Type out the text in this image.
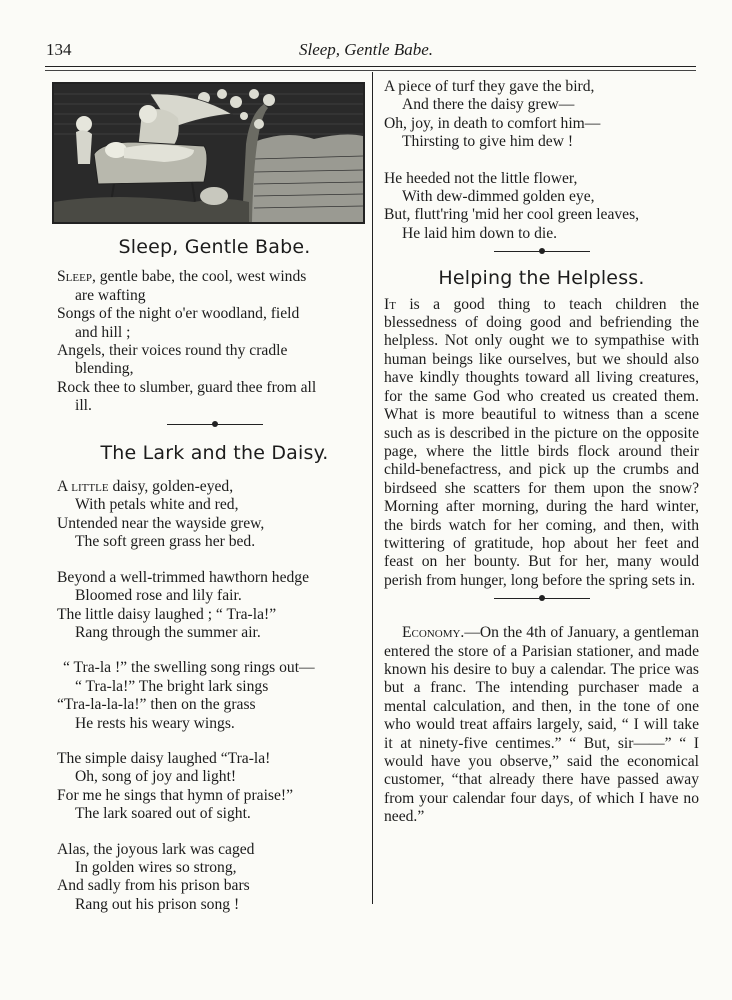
134	Sleep, Gentle Babe.
Sleep, Gentle Babe.
Sleep, gentle babe, the cool, west winds
are wafting
Songs of the night o'er woodland, field
and hill ;
Angels, their voices round thy cradle
blending,
Rock thee to slumber, guard thee from all
ill.
The Lark and the Daisy.
A little daisy, golden-eyed,
With petals white and red,
Untended near the wayside grew,
The soft green grass her bed.
Beyond a well-trimmed hawthorn hedge
Bloomed rose and lily fair.
The little daisy laughed ; “ Tra-la!”
Rang through the summer air.
“ Tra-la !” the swelling song rings out—
“ Tra-la!” The bright lark sings
“Tra-la-la-la!” then on the grass
He rests his weary wings.
The simple daisy laughed “Tra-la!
Oh, song of joy and light!
For me he sings that hymn of praise!”
The lark soared out of sight.
Alas, the joyous lark was caged
In golden wires so strong,
And sadly from his prison bars
Rang out his prison song !
A piece of turf they gave the bird,
And there the daisy grew—
Oh, joy, in death to comfort him—
Thirsting to give him dew !
He heeded not the little flower,
With dew-dimmed golden eye,
But, flutt'ring 'mid her cool green leaves,
He laid him down to die.
Helping the Helpless.

It is a good thing to teach children the blessedness of doing good and befriending the helpless. Not only ought we to sympathise with human beings like ourselves, but we should also have kindly thoughts toward all living creatures, for the same God who created us created them. What is more beautiful to witness than a scene such as is described in the picture on the opposite page, where the little birds flock around their child-benefactress, and pick up the crumbs and birdseed she scatters for them upon the snow? Morning after morning, during the hard winter, the birds watch for her coming, and then, with twittering of gratitude, hop about her feet and feast on her bounty. But for her, many would perish from hunger, long before the spring sets in.

Economy.—On the 4th of January, a gentleman entered the store of a Parisian stationer, and made known his desire to buy a calendar. The price was but a franc. The intending purchaser made a mental calculation, and then, in the tone of one who would treat affairs largely, said, “ I will take it at ninety-five centimes.” “ But, sir——” “ I would have you observe,” said the economical customer, “that already there have passed away from your calendar four days, of which I have no need.”
